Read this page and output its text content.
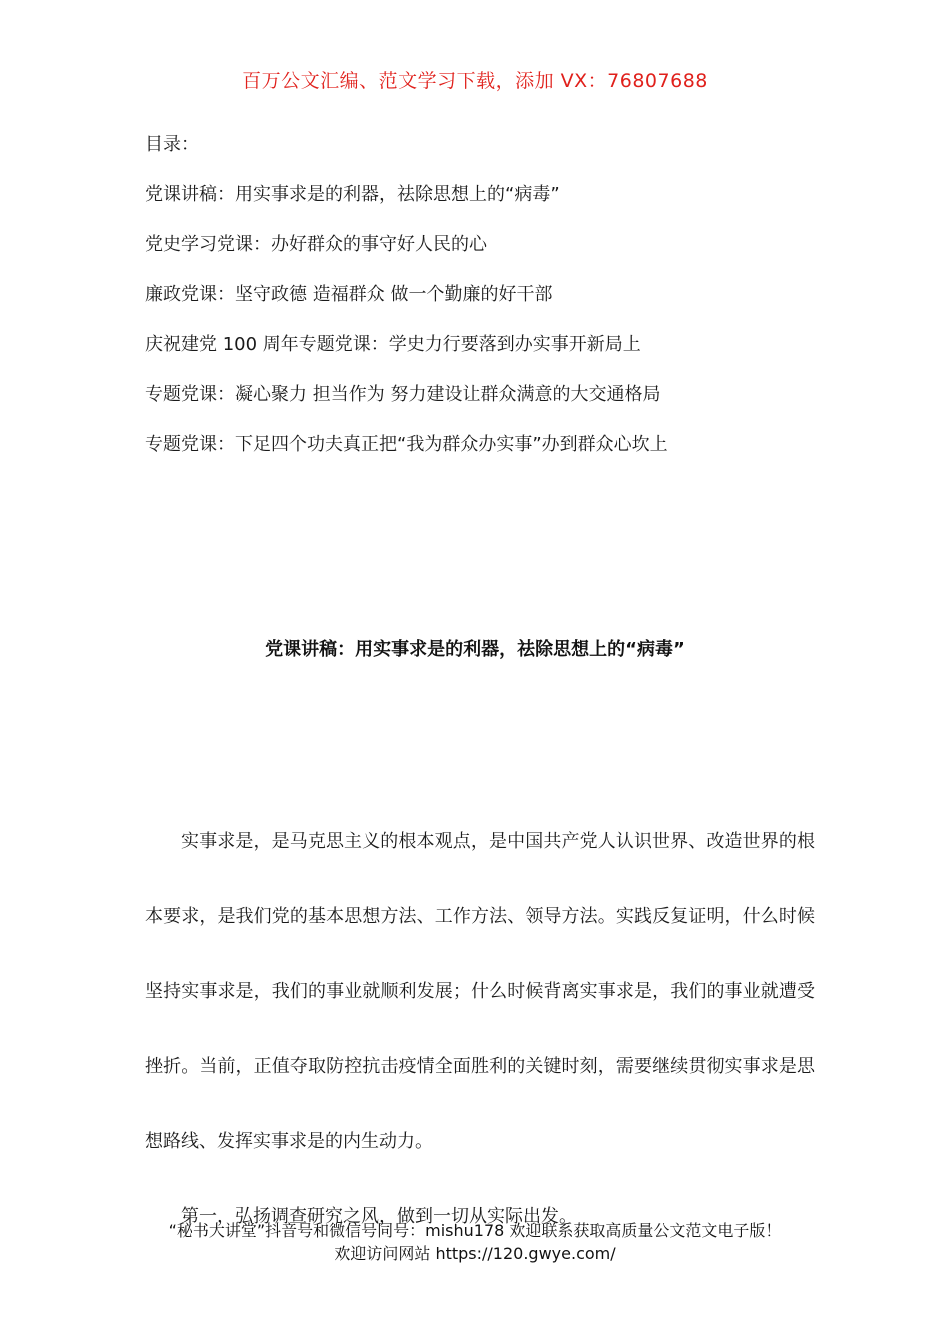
百万公文汇编、范文学习下载，添加 VX：76807688
目录：
党课讲稿：用实事求是的利器，祛除思想上的“病毒”
党史学习党课：办好群众的事守好人民的心
廉政党课：坚守政德 造福群众 做一个勤廉的好干部
庆祝建党 100 周年专题党课：学史力行要落到办实事开新局上
专题党课：凝心聚力 担当作为 努力建设让群众满意的大交通格局
专题党课：下足四个功夫真正把“我为群众办实事”办到群众心坎上
党课讲稿：用实事求是的利器，祛除思想上的“病毒”

实事求是，是马克思主义的根本观点，是中国共产党人认识世界、改造世界的根本要求，是我们党的基本思想方法、工作方法、领导方法。实践反复证明，什么时候坚持实事求是，我们的事业就顺利发展；什么时候背离实事求是，我们的事业就遭受挫折。当前，正值夺取防控抗击疫情全面胜利的关键时刻，需要继续贯彻实事求是思想路线、发挥实事求是的内生动力。

第一，弘扬调查研究之风，做到一切从实际出发。

“秘书大讲堂”抖音号和微信号同号：mishu178 欢迎联系获取高质量公文范文电子版！
欢迎访问网站 https://120.gwye.com/
